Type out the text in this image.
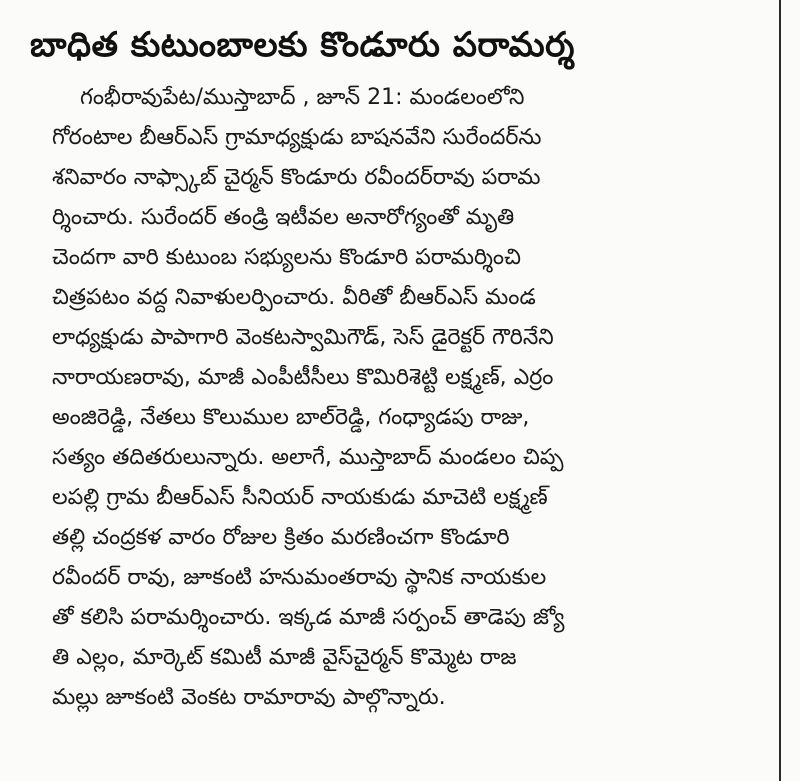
బాధిత కుటుంబాలకు కొండూరు పరామర్శ
గంభీరావుపేట/ముస్తాబాద్ , జూన్ 21: మండలంలోని
గోరంటాల బీఆర్ఎస్ గ్రామాధ్యక్షుడు బాషనవేని సురేందర్‌ను
శనివారం నాఫ్స్కాబ్ చైర్మన్ కొండూరు రవీందర్‌రావు పరామ
ర్శించారు. సురేందర్ తండ్రి ఇటీవల అనారోగ్యంతో మృతి
చెందగా వారి కుటుంబ సభ్యులను కొండూరి పరామర్శించి
చిత్రపటం వద్ద నివాళులర్పించారు. వీరితో బీఆర్ఎస్ మండ
లాధ్యక్షుడు పాపాగారి వెంకటస్వామిగౌడ్, సెస్ డైరెక్టర్ గౌరినేని
నారాయణరావు, మాజీ ఎంపీటీసీలు కొమిరిశెట్టి లక్ష్మణ్, ఎర్రం
అంజిరెడ్డి, నేతలు కొలుముల బాల్‌రెడ్డి, గంధ్యాడపు రాజు,
సత్యం తదితరులున్నారు. అలాగే, ముస్తాబాద్ మండలం చిప్ప
లపల్లి గ్రామ బీఆర్ఎస్ సీనియర్ నాయకుడు మాచెటి లక్ష్మణ్
తల్లి చంద్రకళ వారం రోజుల క్రితం మరణించగా కొండూరి
రవీందర్ రావు, జూకంటి హనుమంతరావు స్థానిక నాయకుల
తో కలిసి పరామర్శించారు. ఇక్కడ మాజీ సర్పంచ్ తాడెపు జ్యో
తి ఎల్లం, మార్కెట్ కమిటీ మాజీ వైస్‌చైర్మన్ కొమ్మెట రాజ
మల్లు జూకంటి వెంకట రామారావు పాల్గొన్నారు.
